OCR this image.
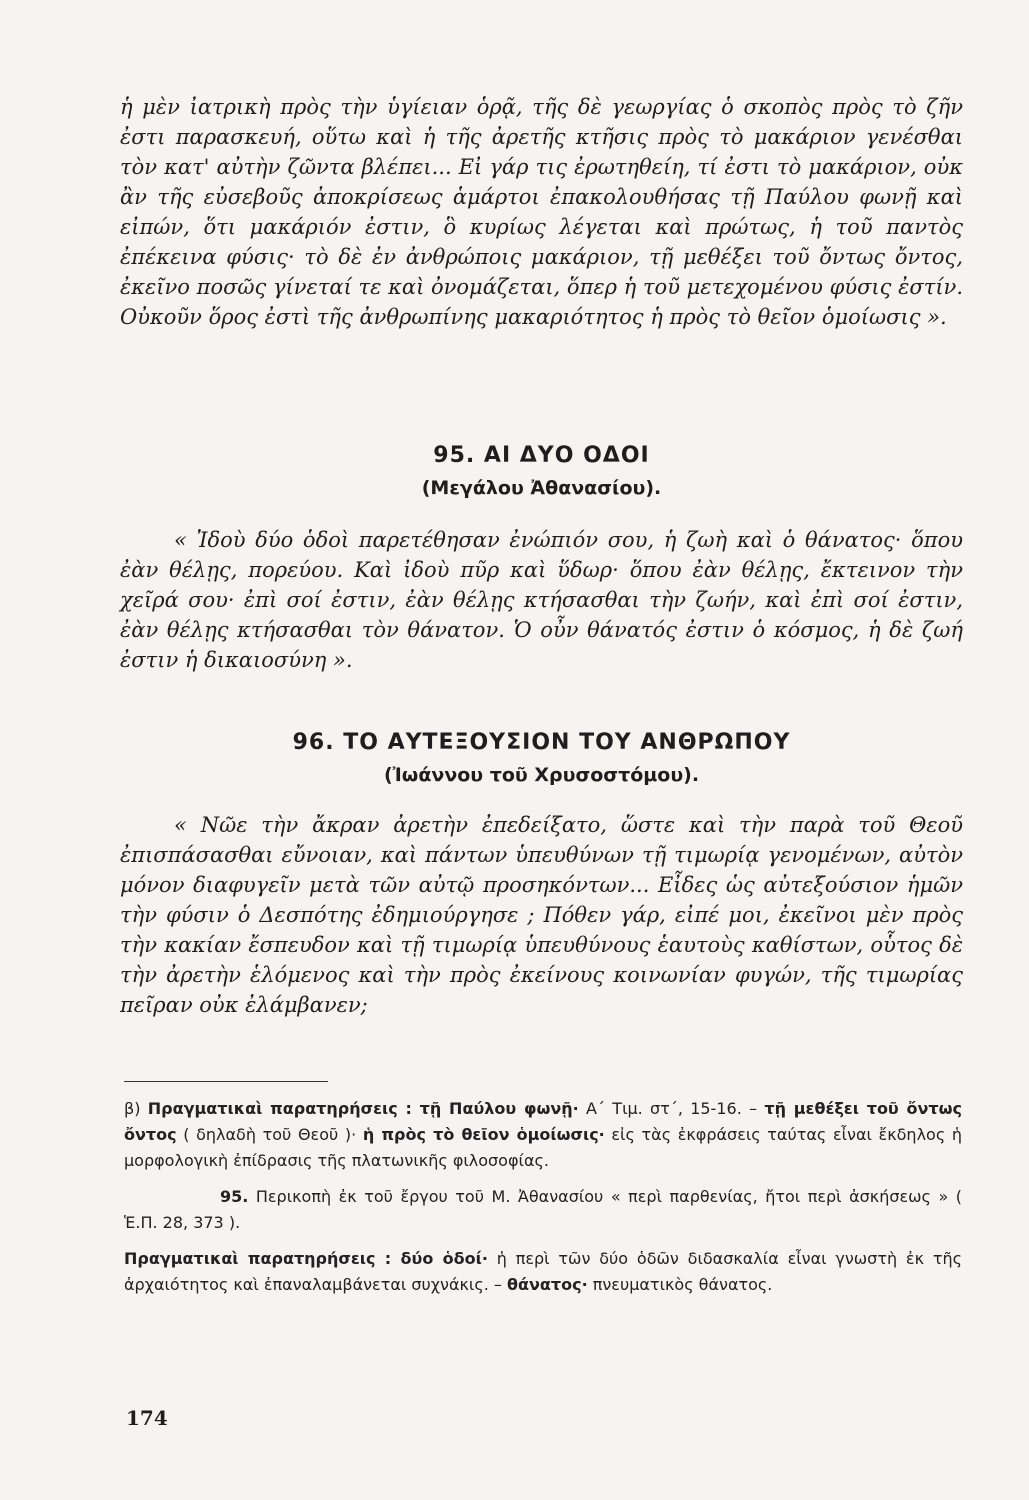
ἡ μὲν ἰατρικὴ πρὸς τὴν ὑγίειαν ὁρᾷ, τῆς δὲ γεωργίας ὁ σκοπὸς πρὸς τὸ ζῆν ἐστι παρασκευή, οὕτω καὶ ἡ τῆς ἀρετῆς κτῆσις πρὸς τὸ μακάριον γενέσθαι τὸν κατ' αὐτὴν ζῶντα βλέπει... Εἰ γάρ τις ἐρωτηθείη, τί ἐστι τὸ μακάριον, οὐκ ἂν τῆς εὐσεβοῦς ἀποκρίσεως ἁμάρτοι ἐπακολουθήσας τῇ Παύλου φωνῇ καὶ εἰπών, ὅτι μακάριόν ἐστιν, ὃ κυρίως λέγεται καὶ πρώτως, ἡ τοῦ παντὸς ἐπέκεινα φύσις· τὸ δὲ ἐν ἀνθρώποις μακάριον, τῇ μεθέξει τοῦ ὄντως ὄντος, ἐκεῖνο ποσῶς γίνεταί τε καὶ ὀνομάζεται, ὅπερ ἡ τοῦ μετεχομένου φύσις ἐστίν. Οὐκοῦν ὅρος ἐστὶ τῆς ἀνθρωπίνης μακαριότητος ἡ πρὸς τὸ θεῖον ὁμοίωσις ».

95. ΑΙ ΔΥΟ ΟΔΟΙ
(Μεγάλου Ἀθανασίου).

« Ἰδοὺ δύο ὁδοὶ παρετέθησαν ἐνώπιόν σου, ἡ ζωὴ καὶ ὁ θάνατος· ὅπου ἐὰν θέλῃς, πορεύου. Καὶ ἰδοὺ πῦρ καὶ ὕδωρ· ὅπου ἐὰν θέλῃς, ἔκτεινον τὴν χεῖρά σου· ἐπὶ σοί ἐστιν, ἐὰν θέλῃς κτήσασθαι τὴν ζωήν, καὶ ἐπὶ σοί ἐστιν, ἐὰν θέλῃς κτήσασθαι τὸν θάνατον. Ὁ οὖν θάνατός ἐστιν ὁ κόσμος, ἡ δὲ ζωή ἐστιν ἡ δικαιοσύνη ».

96. ΤΟ ΑΥΤΕΞΟΥΣΙΟΝ ΤΟΥ ΑΝΘΡΩΠΟΥ
(Ἰωάννου τοῦ Χρυσοστόμου).

« Νῶε τὴν ἄκραν ἀρετὴν ἐπεδείξατο, ὥστε καὶ τὴν παρὰ τοῦ Θεοῦ ἐπισπάσασθαι εὔνοιαν, καὶ πάντων ὑπευθύνων τῇ τιμωρίᾳ γενομένων, αὐτὸν μόνον διαφυγεῖν μετὰ τῶν αὐτῷ προσηκόντων... Εἶδες ὡς αὐτεξούσιον ἡμῶν τὴν φύσιν ὁ Δεσπότης ἐδημιούργησε ; Πόθεν γάρ, εἰπέ μοι, ἐκεῖνοι μὲν πρὸς τὴν κακίαν ἔσπευδον καὶ τῇ τιμωρίᾳ ὑπευθύνους ἑαυτοὺς καθίστων, οὗτος δὲ τὴν ἀρετὴν ἑλόμενος καὶ τὴν πρὸς ἐκείνους κοινωνίαν φυγών, τῆς τιμωρίας πεῖραν οὐκ ἐλάμβανεν;

β) Πραγματικαὶ παρατηρήσεις : τῇ Παύλου φωνῇ· Α΄ Τιμ. στ΄, 15-16. – τῇ μεθέξει τοῦ ὄντως ὄντος ( δηλαδὴ τοῦ Θεοῦ )· ἡ πρὸς τὸ θεῖον ὁμοίωσις· εἰς τὰς ἐκφράσεις ταύτας εἶναι ἔκδηλος ἡ μορφολογικὴ ἐπίδρασις τῆς πλατωνικῆς φιλοσοφίας.

95. Περικοπὴ ἐκ τοῦ ἔργου τοῦ Μ. Ἀθανασίου « περὶ παρθενίας, ἤτοι περὶ ἀσκήσεως » ( Ἑ.Π. 28, 373 ).

Πραγματικαὶ παρατηρήσεις : δύο ὁδοί· ἡ περὶ τῶν δύο ὁδῶν διδασκαλία εἶναι γνωστὴ ἐκ τῆς ἀρχαιότητος καὶ ἐπαναλαμβάνεται συχνάκις. – θάνατος· πνευματικὸς θάνατος.

174
